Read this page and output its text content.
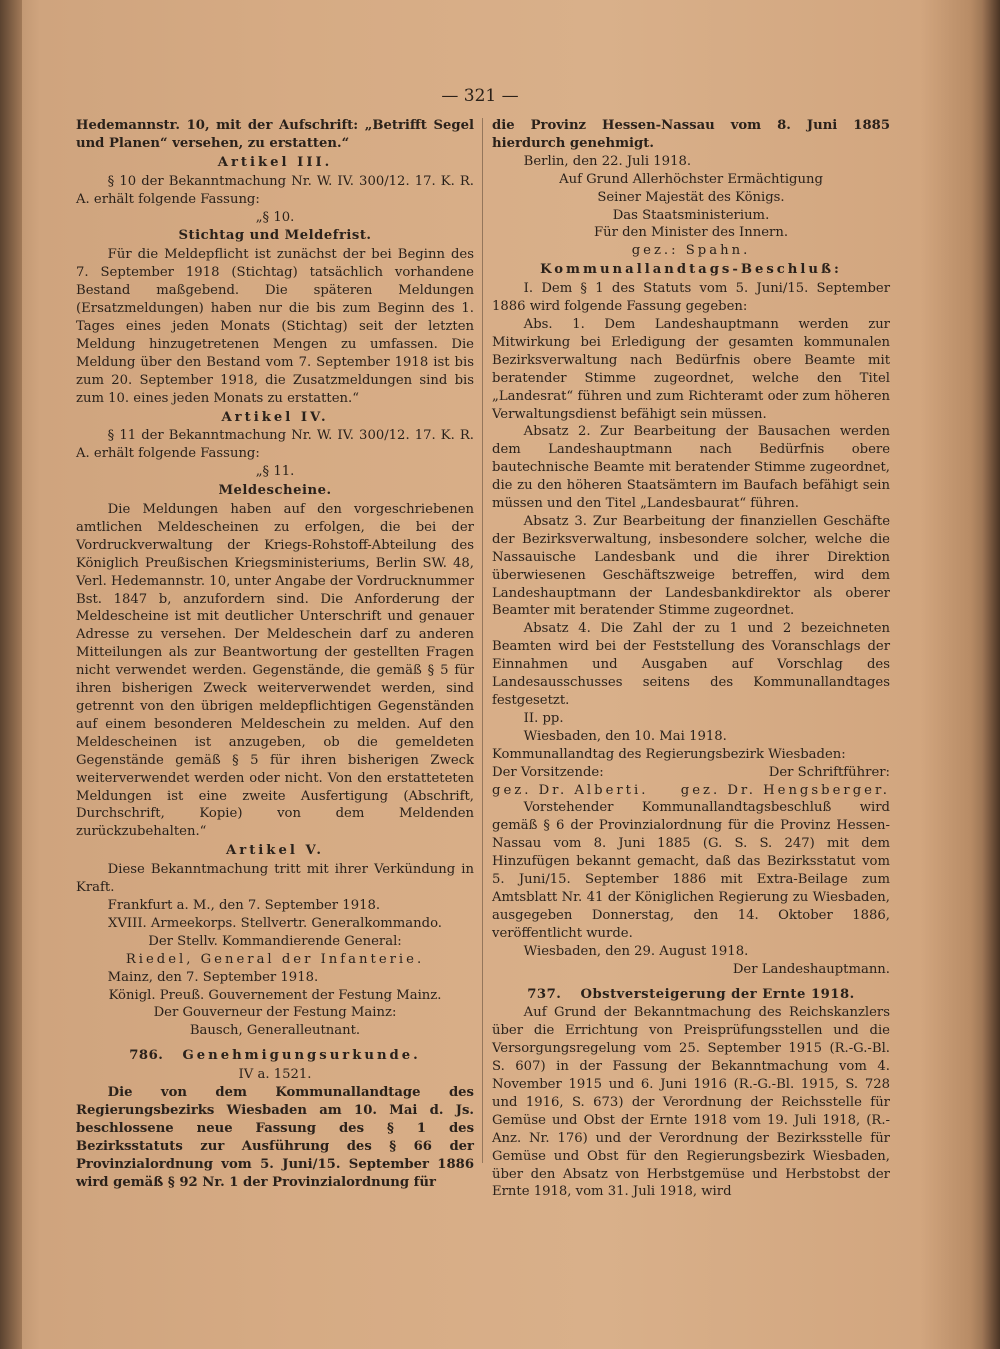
— 321 —

Hedemannstr. 10, mit der Aufschrift: „Betrifft Segel und Planen“ versehen, zu erstatten.“

Artikel III.

§ 10 der Bekanntmachung Nr. W. IV. 300/12. 17. K. R. A. erhält folgende Fassung:

„§ 10.
Stichtag und Meldefrist.

Für die Meldepflicht ist zunächst der bei Beginn des 7. September 1918 (Stichtag) tatsächlich vorhandene Bestand maßgebend. Die späteren Meldungen (Ersatzmeldungen) haben nur die bis zum Beginn des 1. Tages eines jeden Monats (Stichtag) seit der letzten Meldung hinzugetretenen Mengen zu umfassen. Die Meldung über den Bestand vom 7. September 1918 ist bis zum 20. September 1918, die Zusatzmeldungen sind bis zum 10. eines jeden Monats zu erstatten.“

Artikel IV.

§ 11 der Bekanntmachung Nr. W. IV. 300/12. 17. K. R. A. erhält folgende Fassung:

„§ 11.
Meldescheine.

Die Meldungen haben auf den vorgeschriebenen amtlichen Meldescheinen zu erfolgen, die bei der Vordruckverwaltung der Kriegs-Rohstoff-Abteilung des Königlich Preußischen Kriegsministeriums, Berlin SW. 48, Verl. Hedemannstr. 10, unter Angabe der Vordrucknummer Bst. 1847 b, anzufordern sind. Die Anforderung der Meldescheine ist mit deutlicher Unterschrift und genauer Adresse zu versehen. Der Meldeschein darf zu anderen Mitteilungen als zur Beantwortung der gestellten Fragen nicht verwendet werden. Gegenstände, die gemäß § 5 für ihren bisherigen Zweck weiterverwendet werden, sind getrennt von den übrigen meldepflichtigen Gegenständen auf einem besonderen Meldeschein zu melden. Auf den Meldescheinen ist anzugeben, ob die gemeldeten Gegenstände gemäß § 5 für ihren bisherigen Zweck weiterverwendet werden oder nicht. Von den erstatteteten Meldungen ist eine zweite Ausfertigung (Abschrift, Durchschrift, Kopie) von dem Meldenden zurückzubehalten.“

Artikel V.

Diese Bekanntmachung tritt mit ihrer Verkündung in Kraft.

Frankfurt a. M., den 7. September 1918.

XVIII. Armeekorps. Stellvertr. Generalkommando.

Der Stellv. Kommandierende General:

Riedel, General der Infanterie.

Mainz, den 7. September 1918.

Königl. Preuß. Gouvernement der Festung Mainz.

Der Gouverneur der Festung Mainz:

Bausch, Generalleutnant.

786. Genehmigungsurkunde.
IV a. 1521.

Die von dem Kommunallandtage des Regierungsbezirks Wiesbaden am 10. Mai d. Js. beschlossene neue Fassung des § 1 des Bezirksstatuts zur Ausführung des § 66 der Provinzialordnung vom 5. Juni/15. September 1886 wird gemäß § 92 Nr. 1 der Provinzialordnung für

die Provinz Hessen-Nassau vom 8. Juni 1885 hierdurch genehmigt.

Berlin, den 22. Juli 1918.

Auf Grund Allerhöchster Ermächtigung

Seiner Majestät des Königs.

Das Staatsministerium.

Für den Minister des Innern.

gez.: Spahn.

Kommunallandtags-Beschluß:

I. Dem § 1 des Statuts vom 5. Juni/15. September 1886 wird folgende Fassung gegeben:

Abs. 1. Dem Landeshauptmann werden zur Mitwirkung bei Erledigung der gesamten kommunalen Bezirksverwaltung nach Bedürfnis obere Beamte mit beratender Stimme zugeordnet, welche den Titel „Landesrat“ führen und zum Richteramt oder zum höheren Verwaltungsdienst befähigt sein müssen.

Absatz 2. Zur Bearbeitung der Bausachen werden dem Landeshauptmann nach Bedürfnis obere bautechnische Beamte mit beratender Stimme zugeordnet, die zu den höheren Staatsämtern im Baufach befähigt sein müssen und den Titel „Landesbaurat“ führen.

Absatz 3. Zur Bearbeitung der finanziellen Geschäfte der Bezirksverwaltung, insbesondere solcher, welche die Nassauische Landesbank und die ihrer Direktion überwiesenen Geschäftszweige betreffen, wird dem Landeshauptmann der Landesbankdirektor als oberer Beamter mit beratender Stimme zugeordnet.

Absatz 4. Die Zahl der zu 1 und 2 bezeichneten Beamten wird bei der Feststellung des Voranschlags der Einnahmen und Ausgaben auf Vorschlag des Landesausschusses seitens des Kommunallandtages festgesetzt.

II. pp.

Wiesbaden, den 10. Mai 1918.

Kommunallandtag des Regierungsbezirk Wiesbaden:

Der Vorsitzende:	Der Schriftführer:
gez. Dr. Alberti. gez. Dr. Hengsberger.

Vorstehender Kommunallandtagsbeschluß wird gemäß § 6 der Provinzialordnung für die Provinz Hessen-Nassau vom 8. Juni 1885 (G. S. S. 247) mit dem Hinzufügen bekannt gemacht, daß das Bezirksstatut vom 5. Juni/15. September 1886 mit Extra-Beilage zum Amtsblatt Nr. 41 der Königlichen Regierung zu Wiesbaden, ausgegeben Donnerstag, den 14. Oktober 1886, veröffentlicht wurde.

Wiesbaden, den 29. August 1918.

Der Landeshauptmann.

737. Obstversteigerung der Ernte 1918.

Auf Grund der Bekanntmachung des Reichskanzlers über die Errichtung von Preisprüfungsstellen und die Versorgungsregelung vom 25. September 1915 (R.-G.-Bl. S. 607) in der Fassung der Bekanntmachung vom 4. November 1915 und 6. Juni 1916 (R.-G.-Bl. 1915, S. 728 und 1916, S. 673) der Verordnung der Reichsstelle für Gemüse und Obst der Ernte 1918 vom 19. Juli 1918, (R.-Anz. Nr. 176) und der Verordnung der Bezirksstelle für Gemüse und Obst für den Regierungsbezirk Wiesbaden, über den Absatz von Herbstgemüse und Herbstobst der Ernte 1918, vom 31. Juli 1918, wird
